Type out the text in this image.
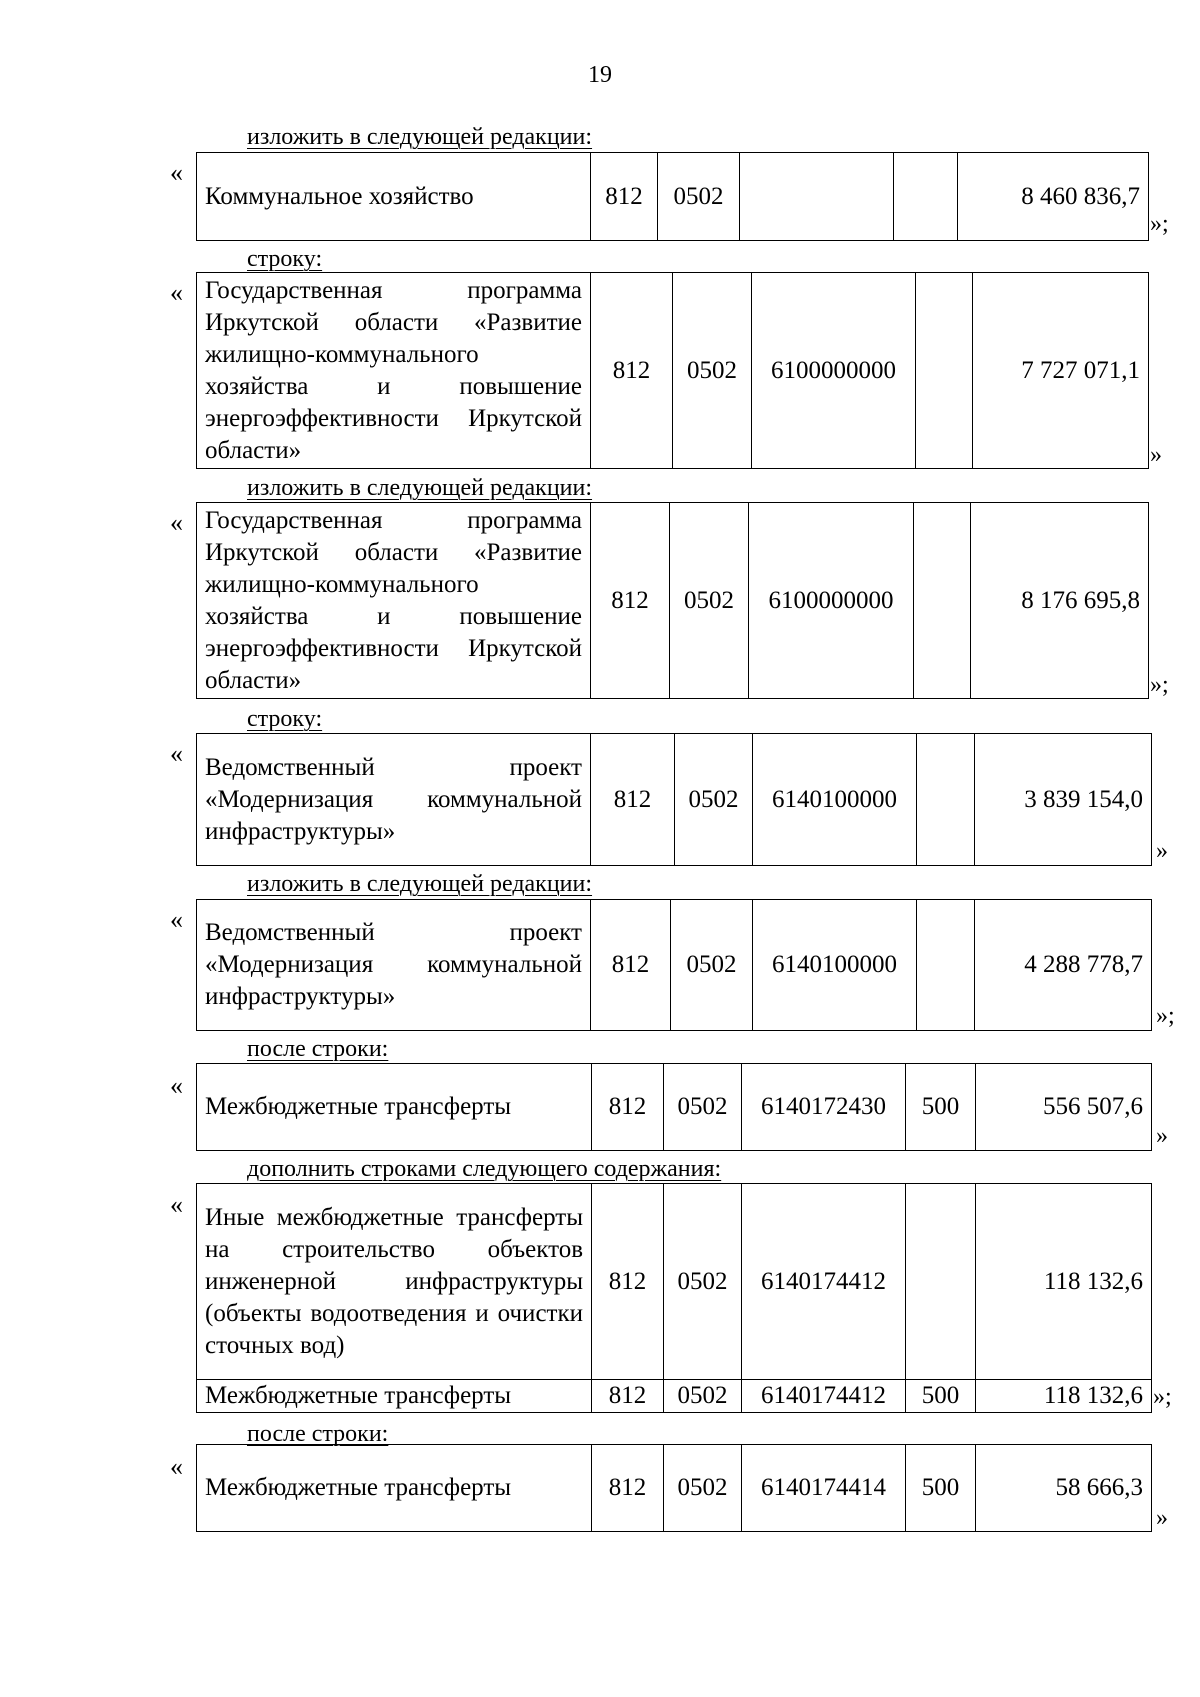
19
изложить в следующей редакции:
«
Коммунальное хозяйство	812	0502			8 460 836,7
»;
строку:
« Государственная программа Иркутской области «Развитие жилищно-коммунального хозяйства и повышение энергоэффективности Иркутской области»	812	0502	6100000000		7 727 071,1
»
изложить в следующей редакции:
« Государственная программа Иркутской области «Развитие жилищно-коммунального хозяйства и повышение энергоэффективности Иркутской области»	812	0502	6100000000		8 176 695,8
»;
строку:
« Ведомственный проект «Модернизация коммунальной инфраструктуры»	812	0502	6140100000		3 839 154,0
»
изложить в следующей редакции:
« Ведомственный проект «Модернизация коммунальной инфраструктуры»	812	0502	6140100000		4 288 778,7
»;
после строки:
«
Межбюджетные трансферты	812	0502	6140172430	500	556 507,6
»
дополнить строками следующего содержания:
« Иные межбюджетные трансферты на строительство объектов инженерной инфраструктуры (объекты водоотведения и очистки сточных вод)	812	0502	6140174412		118 132,6
Межбюджетные трансферты	812	0502	6140174412	500	118 132,6 »;
после строки:
«
Межбюджетные трансферты	812	0502	6140174414	500	58 666,3
»
